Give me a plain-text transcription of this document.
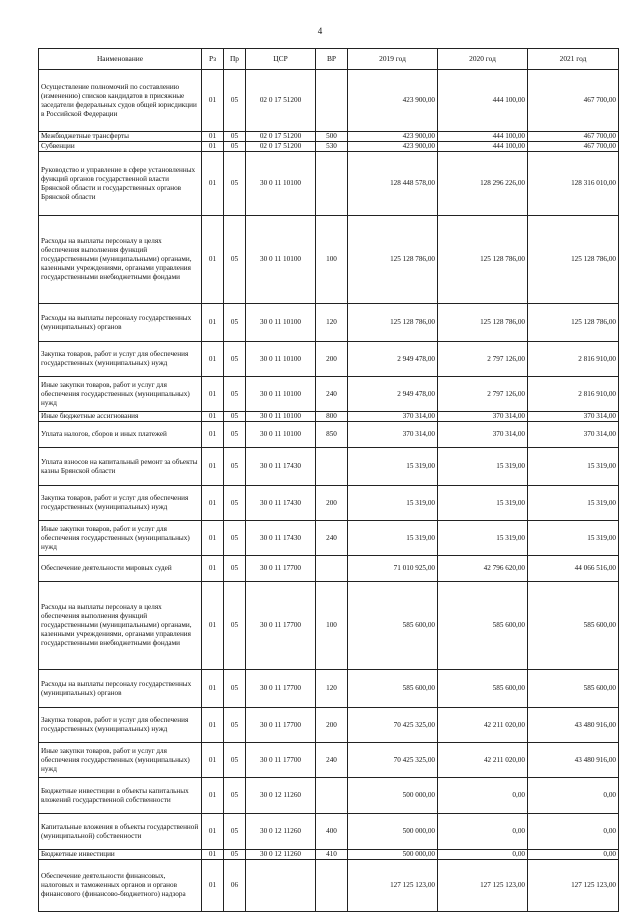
4
Наименование	Рз	Пр	ЦСР	ВР	2019 год	2020 год	2021 год
Осуществление полномочий по составлению (изменению) списков кандидатов в присяжные заседатели федеральных судов общей юрисдикции в Российской Федерации	01	05	02 0 17 51200		423 900,00	444 100,00	467 700,00
Межбюджетные трансферты	01	05	02 0 17 51200	500	423 900,00	444 100,00	467 700,00
Субвенции	01	05	02 0 17 51200	530	423 900,00	444 100,00	467 700,00
Руководство и управление в сфере установленных функций органов государственной власти Брянской области и государственных органов Брянской области	01	05	30 0 11 10100		128 448 578,00	128 296 226,00	128 316 010,00
Расходы на выплаты персоналу в целях обеспечения выполнения функций государственными (муниципальными) органами, казенными учреждениями, органами управления государственными внебюджетными фондами	01	05	30 0 11 10100	100	125 128 786,00	125 128 786,00	125 128 786,00
Расходы на выплаты персоналу государственных (муниципальных) органов	01	05	30 0 11 10100	120	125 128 786,00	125 128 786,00	125 128 786,00
Закупка товаров, работ и услуг для обеспечения государственных (муниципальных) нужд	01	05	30 0 11 10100	200	2 949 478,00	2 797 126,00	2 816 910,00
Иные закупки товаров, работ и услуг для обеспечения государственных (муниципальных) нужд	01	05	30 0 11 10100	240	2 949 478,00	2 797 126,00	2 816 910,00
Иные бюджетные ассигнования	01	05	30 0 11 10100	800	370 314,00	370 314,00	370 314,00
Уплата налогов, сборов и иных платежей	01	05	30 0 11 10100	850	370 314,00	370 314,00	370 314,00
Уплата взносов на капитальный ремонт за объекты казны Брянской области	01	05	30 0 11 17430		15 319,00	15 319,00	15 319,00
Закупка товаров, работ и услуг для обеспечения государственных (муниципальных) нужд	01	05	30 0 11 17430	200	15 319,00	15 319,00	15 319,00
Иные закупки товаров, работ и услуг для обеспечения государственных (муниципальных) нужд	01	05	30 0 11 17430	240	15 319,00	15 319,00	15 319,00
Обеспечение деятельности мировых судей	01	05	30 0 11 17700		71 010 925,00	42 796 620,00	44 066 516,00
Расходы на выплаты персоналу в целях обеспечения выполнения функций государственными (муниципальными) органами, казенными учреждениями, органами управления государственными внебюджетными фондами	01	05	30 0 11 17700	100	585 600,00	585 600,00	585 600,00
Расходы на выплаты персоналу государственных (муниципальных) органов	01	05	30 0 11 17700	120	585 600,00	585 600,00	585 600,00
Закупка товаров, работ и услуг для обеспечения государственных (муниципальных) нужд	01	05	30 0 11 17700	200	70 425 325,00	42 211 020,00	43 480 916,00
Иные закупки товаров, работ и услуг для обеспечения государственных (муниципальных) нужд	01	05	30 0 11 17700	240	70 425 325,00	42 211 020,00	43 480 916,00
Бюджетные инвестиции в объекты капитальных вложений государственной собственности	01	05	30 0 12 11260		500 000,00	0,00	0,00
Капитальные вложения в объекты государственной (муниципальной) собственности	01	05	30 0 12 11260	400	500 000,00	0,00	0,00
Бюджетные инвестиции	01	05	30 0 12 11260	410	500 000,00	0,00	0,00
Обеспечение деятельности финансовых, налоговых и таможенных органов и органов финансового (финансово-бюджетного) надзора	01	06			127 125 123,00	127 125 123,00	127 125 123,00
